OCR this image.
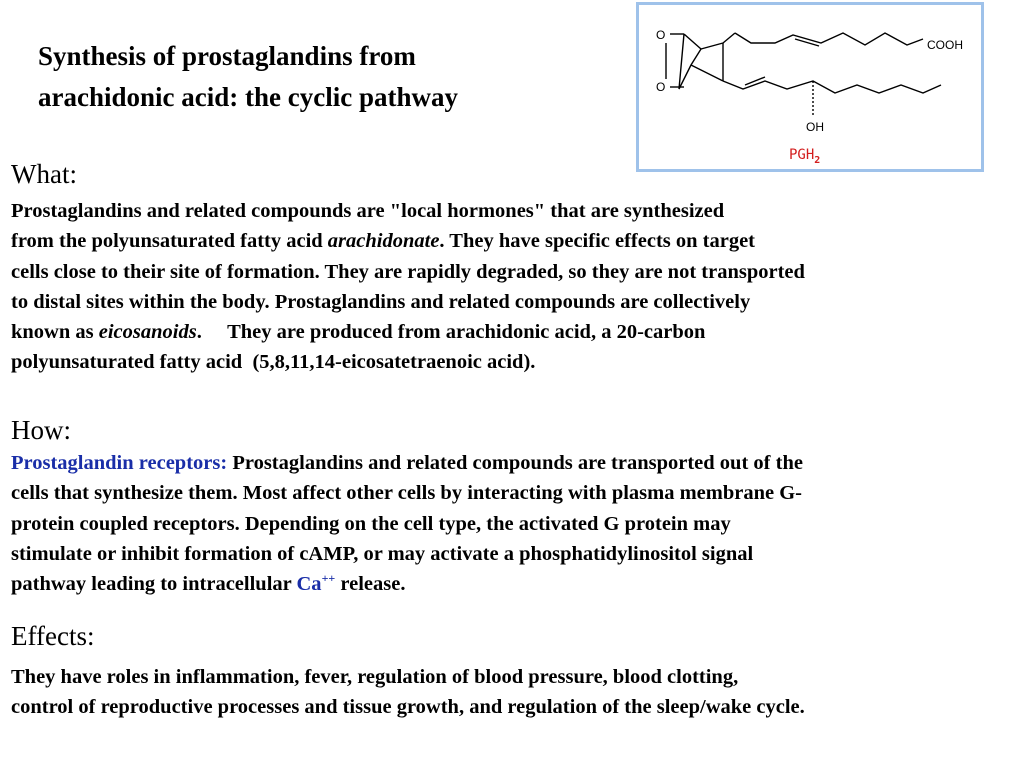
Synthesis of prostaglandins from
arachidonic acid: the cyclic pathway
O
O
COOH
OH
$PGH_2$
What:

Prostaglandins and related compounds are "local hormones" that are synthesized
from the polyunsaturated fatty acid arachidonate. They have specific effects on target
cells close to their site of formation. They are rapidly degraded, so they are not transported
to distal sites within the body. Prostaglandins and related compounds are collectively
known as eicosanoids.     They are produced from arachidonic acid, a 20-carbon
polyunsaturated fatty acid  (5,8,11,14-eicosatetraenoic acid).

How:

Prostaglandin receptors: Prostaglandins and related compounds are transported out of the
cells that synthesize them. Most affect other cells by interacting with plasma membrane G-
protein coupled receptors. Depending on the cell type, the activated G protein may
stimulate or inhibit formation of cAMP, or may activate a phosphatidylinositol signal
pathway leading to intracellular Ca++ release.

Effects:

They have roles in inflammation, fever, regulation of blood pressure, blood clotting,
control of reproductive processes and tissue growth, and regulation of the sleep/wake cycle.
